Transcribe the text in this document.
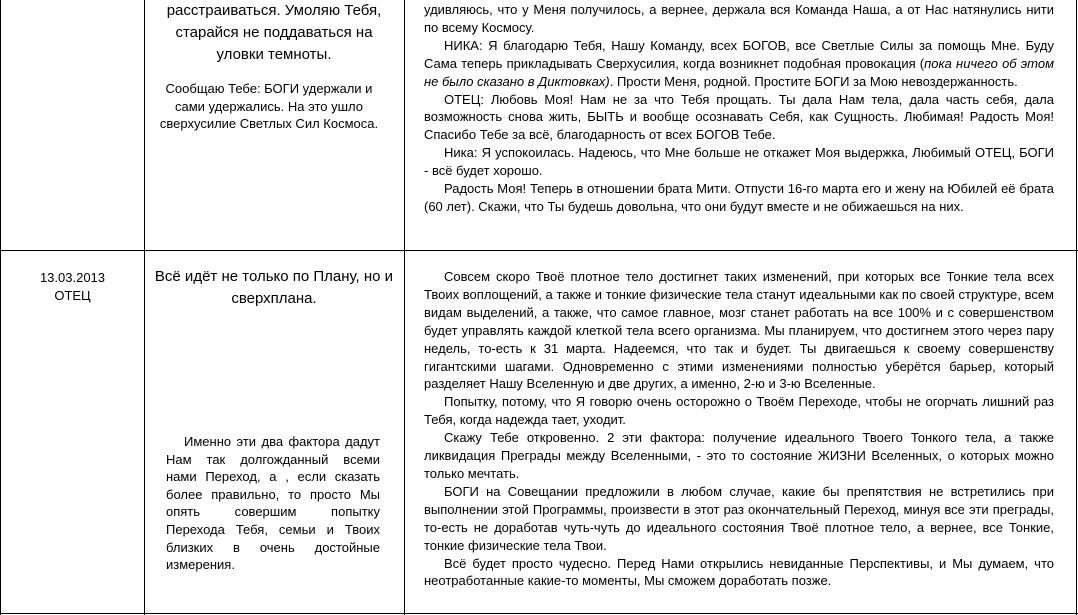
расстраиваться. Умоляю Тебя, старайся не поддаваться на уловки темноты.

Сообщаю Тебе: БОГИ удержали и сами удержались. На это ушло сверхусилие Светлых Сил Космоса.

удивляюсь, что у Меня получилось, а вернее, держала вся Команда Наша, а от Нас натянулись нити по всему Космосу.

НИКА: Я благодарю Тебя, Нашу Команду, всех БОГОВ, все Светлые Силы за помощь Мне. Буду Сама теперь прикладывать Сверхусилия, когда возникнет подобная провокация (пока ничего об этом не было сказано в Диктовках). Прости Меня, родной. Простите БОГИ за Мою невоздержанность.

ОТЕЦ: Любовь Моя! Нам не за что Тебя прощать. Ты дала Нам тела, дала часть себя, дала возможность снова жить, БЫТЬ и вообще осознавать Себя, как Сущность. Любимая! Радость Моя! Спасибо Тебе за всё, благодарность от всех БОГОВ Тебе.

Ника: Я успокоилась. Надеюсь, что Мне больше не откажет Моя выдержка, Любимый ОТЕЦ, БОГИ - всё будет хорошо.

Радость Моя! Теперь в отношении брата Мити. Отпусти 16-го марта его и жену на Юбилей её брата (60 лет). Скажи, что Ты будешь довольна, что они будут вместе и не обижаешься на них.

13.03.2013
ОТЕЦ

Всё идёт не только по Плану, но и сверхплана.

Именно эти два фактора дадут Нам так долгожданный всеми нами Переход, а , если сказать более правильно, то просто Мы опять совершим попытку Перехода Тебя, семьи и Твоих близких в очень достойные измерения.

Совсем скоро Твоё плотное тело достигнет таких изменений, при которых все Тонкие тела всех Твоих воплощений, а также и тонкие физические тела станут идеальными как по своей структуре, всем видам выделений, а также, что самое главное, мозг станет работать на все 100% и с совершенством будет управлять каждой клеткой тела всего организма. Мы планируем, что достигнем этого через пару недель, то-есть к 31 марта. Надеемся, что так и будет. Ты двигаешься к своему совершенству гигантскими шагами. Одновременно с этими изменениями полностью уберётся барьер, который разделяет Нашу Вселенную и две других, а именно, 2-ю и 3-ю Вселенные.

Попытку, потому, что Я говорю очень осторожно о Твоём Переходе, чтобы не огорчать лишний раз Тебя, когда надежда тает, уходит.

Скажу Тебе откровенно. 2 эти фактора: получение идеального Твоего Тонкого тела, а также ликвидация Преграды между Вселенными, - это то состояние ЖИЗНИ Вселенных, о которых можно только мечтать.

БОГИ на Совещании предложили в любом случае, какие бы препятствия не встретились при выполнении этой Программы, произвести в этот раз окончательный Переход, минуя все эти преграды, то-есть не доработав чуть-чуть до идеального состояния Твоё плотное тело, а вернее, все Тонкие, тонкие физические тела Твои.

Всё будет просто чудесно. Перед Нами открылись невиданные Перспективы, и Мы думаем, что неотработанные какие-то моменты, Мы сможем доработать позже.
